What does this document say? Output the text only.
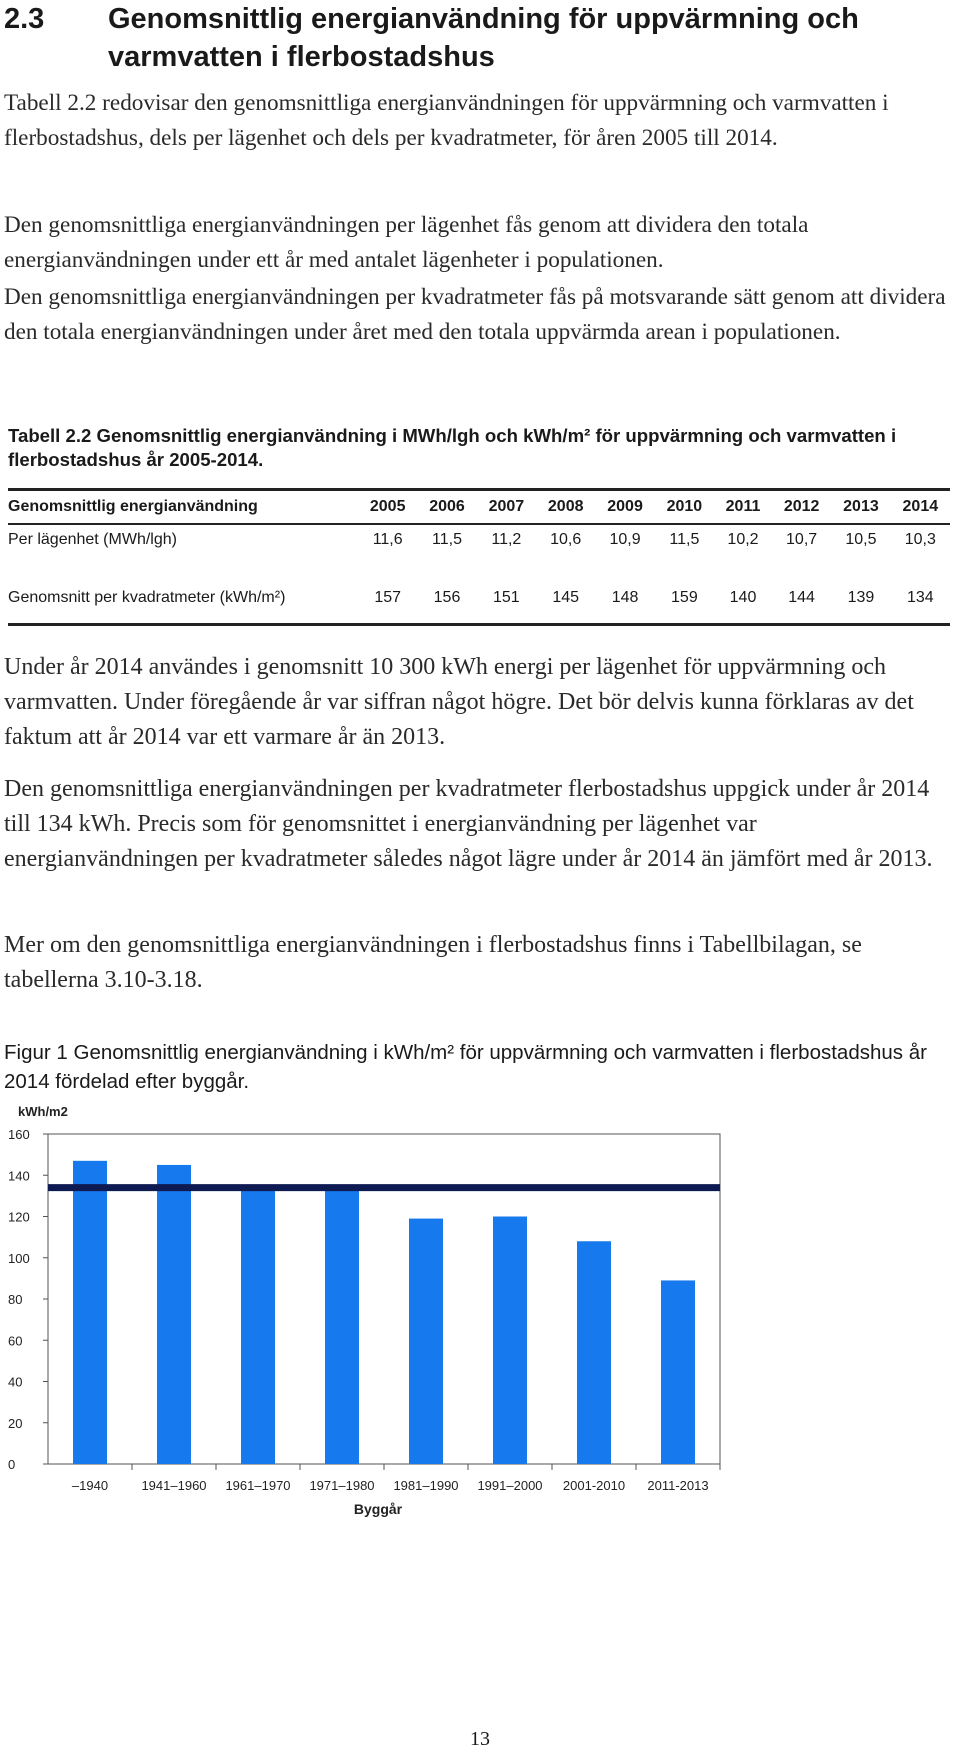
2.3 Genomsnittlig energianvändning för uppvärmning och varmvatten i flerbostadshus
Tabell 2.2 redovisar den genomsnittliga energianvändningen för uppvärmning och varmvatten i flerbostadshus, dels per lägenhet och dels per kvadratmeter, för åren 2005 till 2014.
Den genomsnittliga energianvändningen per lägenhet fås genom att dividera den totala energianvändningen under ett år med antalet lägenheter i populationen.
Den genomsnittliga energianvändningen per kvadratmeter fås på motsvarande sätt genom att dividera den totala energianvändningen under året med den totala uppvärmda arean i populationen.
Tabell 2.2 Genomsnittlig energianvändning i MWh/lgh och kWh/m² för uppvärmning och varmvatten i flerbostadshus år 2005-2014.
Genomsnittlig energianvändning	2005	2006	2007	2008	2009	2010	2011	2012	2013	2014
Per lägenhet (MWh/lgh)	11,6	11,5	11,2	10,6	10,9	11,5	10,2	10,7	10,5	10,3
Genomsnitt per kvadratmeter (kWh/m²)	157	156	151	145	148	159	140	144	139	134
Under år 2014 användes i genomsnitt 10 300 kWh energi per lägenhet för uppvärmning och varmvatten. Under föregående år var siffran något högre. Det bör delvis kunna förklaras av det faktum att år 2014 var ett varmare år än 2013.
Den genomsnittliga energianvändningen per kvadratmeter flerbostadshus uppgick under år 2014 till 134 kWh. Precis som för genomsnittet i energianvändning per lägenhet var energianvändningen per kvadratmeter således något lägre under år 2014 än jämfört med år 2013.
Mer om den genomsnittliga energianvändningen i flerbostadshus finns i Tabellbilagan, se tabellerna 3.10-3.18.
Figur 1 Genomsnittlig energianvändning i kWh/m² för uppvärmning och varmvatten i flerbostadshus år 2014 fördelad efter byggår.
0
20
40
60
80
100
120
140
160
kWh/m2
–1940	1941–1960 1961–1970 1971–1980 1981–1990 1991–2000 2001-2010 2011-2013
Byggår
13
